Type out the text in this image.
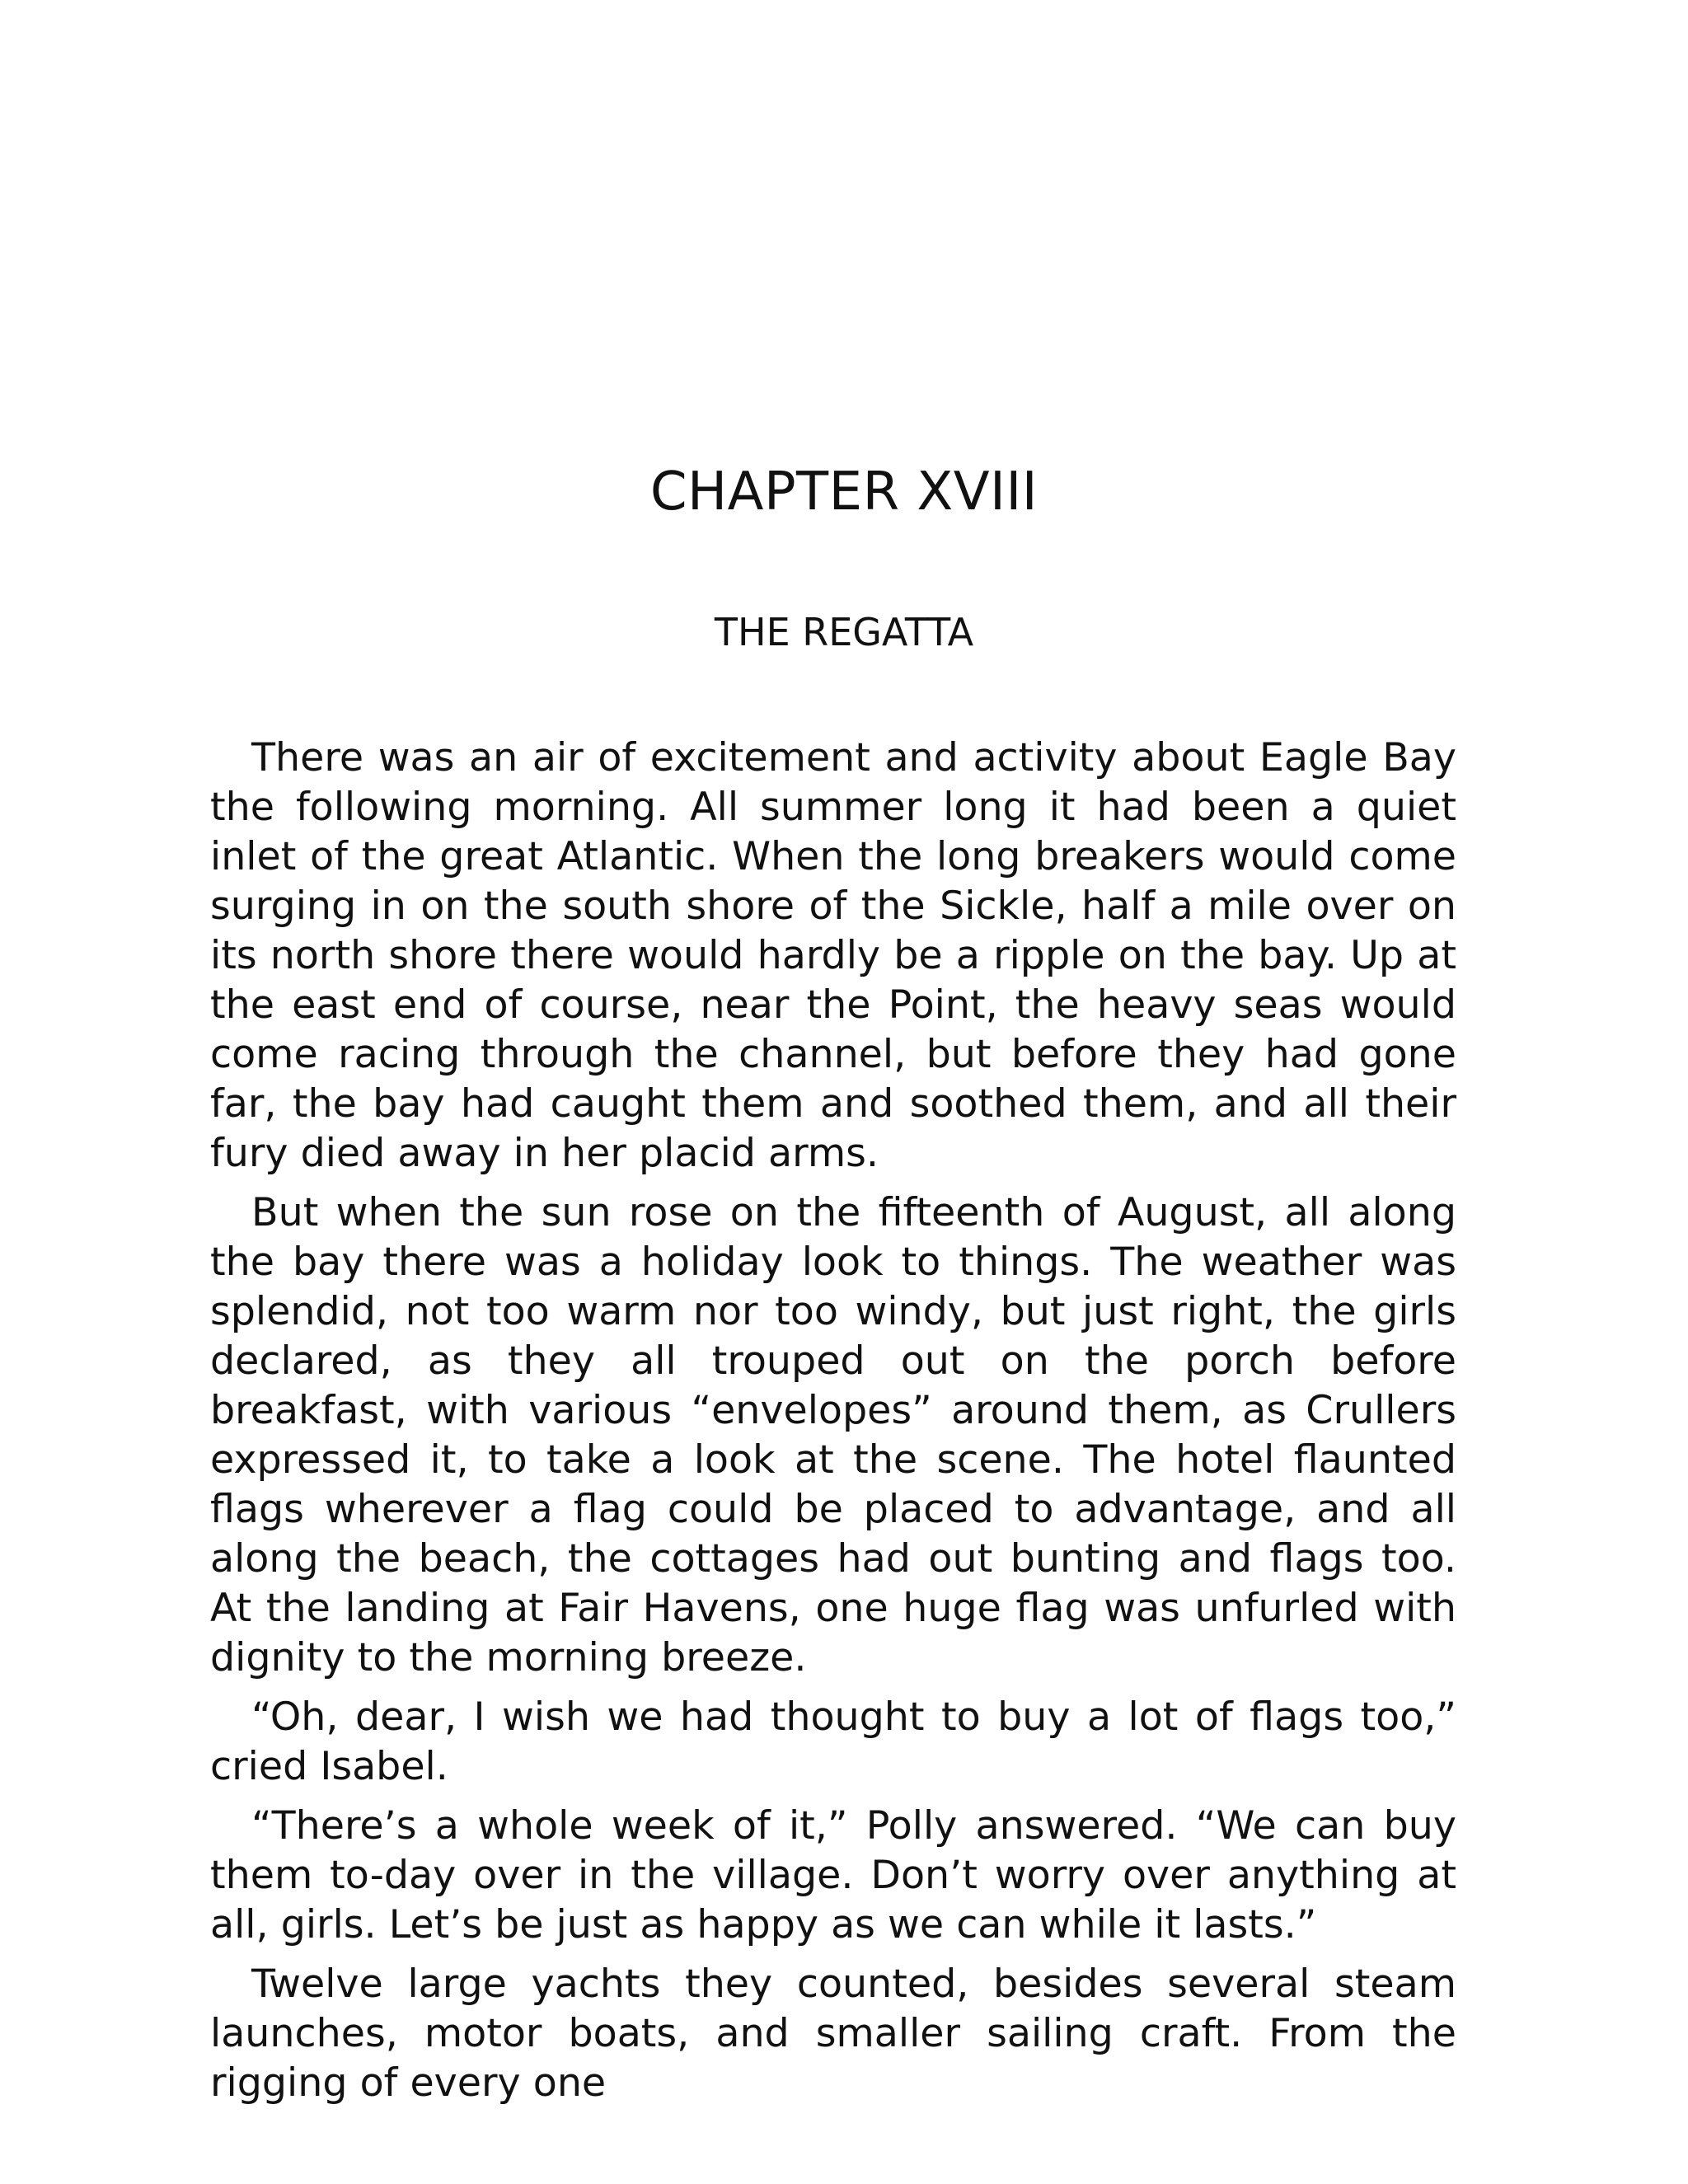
CHAPTER XVIII
THE REGATTA

There was an air of excitement and activity about Eagle Bay the following morning. All summer long it had been a quiet inlet of the great Atlantic. When the long breakers would come surging in on the south shore of the Sickle, half a mile over on its north shore there would hardly be a ripple on the bay. Up at the east end of course, near the Point, the heavy seas would come racing through the channel, but before they had gone far, the bay had caught them and soothed them, and all their fury died away in her placid arms.

But when the sun rose on the fifteenth of August, all along the bay there was a holiday look to things. The weather was splendid, not too warm nor too windy, but just right, the girls declared, as they all trouped out on the porch before breakfast, with various “envelopes” around them, as Crullers expressed it, to take a look at the scene. The hotel flaunted flags wherever a flag could be placed to advantage, and all along the beach, the cottages had out bunting and flags too. At the landing at Fair Havens, one huge flag was unfurled with dignity to the morning breeze.

“Oh, dear, I wish we had thought to buy a lot of flags too,” cried Isabel.

“There’s a whole week of it,” Polly answered. “We can buy them to-day over in the village. Don’t worry over anything at all, girls. Let’s be just as happy as we can while it lasts.”

Twelve large yachts they counted, besides several steam launches, motor boats, and smaller sailing craft. From the rigging of every one
